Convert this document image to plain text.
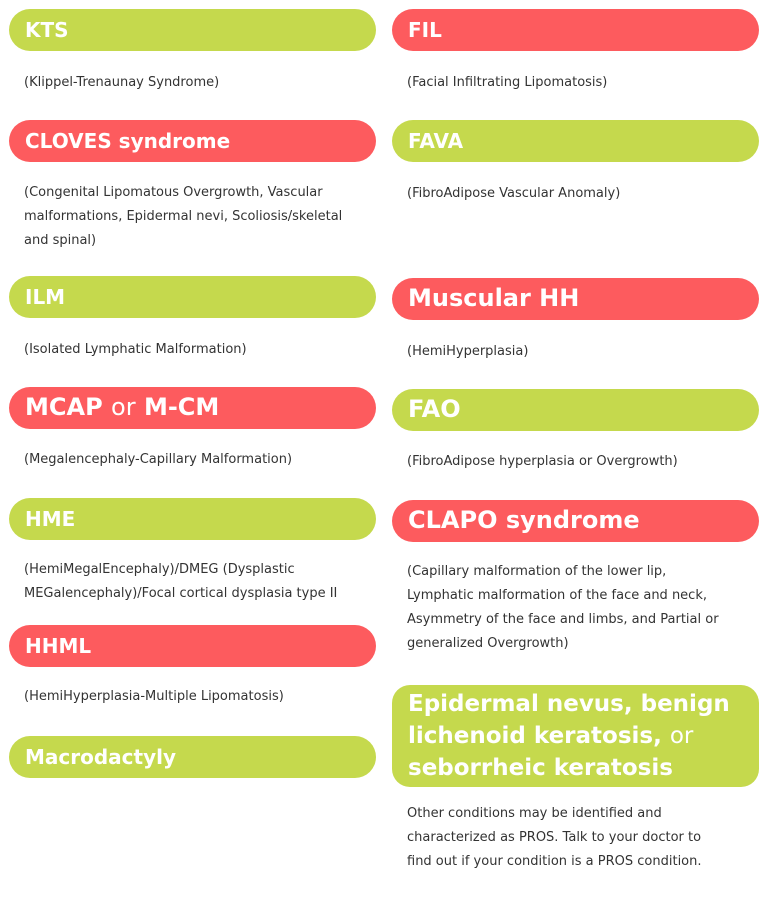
KTS
(Klippel-Trenaunay Syndrome)
CLOVES syndrome
(Congenital Lipomatous Overgrowth, Vascular malformations, Epidermal nevi, Scoliosis/skeletal and spinal)
ILM
(Isolated Lymphatic Malformation)
MCAP or M-CM
(Megalencephaly-Capillary Malformation)
HME
(HemiMegalEncephaly)/DMEG (Dysplastic MEGalencephaly)/Focal cortical dysplasia type II
HHML
(HemiHyperplasia-Multiple Lipomatosis)
Macrodactyly
FIL
(Facial Infiltrating Lipomatosis)
FAVA
(FibroAdipose Vascular Anomaly)
Muscular HH
(HemiHyperplasia)
FAO
(FibroAdipose hyperplasia or Overgrowth)
CLAPO syndrome
(Capillary malformation of the lower lip, Lymphatic malformation of the face and neck, Asymmetry of the face and limbs, and Partial or generalized Overgrowth)
Epidermal nevus, benign lichenoid keratosis, or seborrheic keratosis
Other conditions may be identified and characterized as PROS. Talk to your doctor to find out if your condition is a PROS condition.
